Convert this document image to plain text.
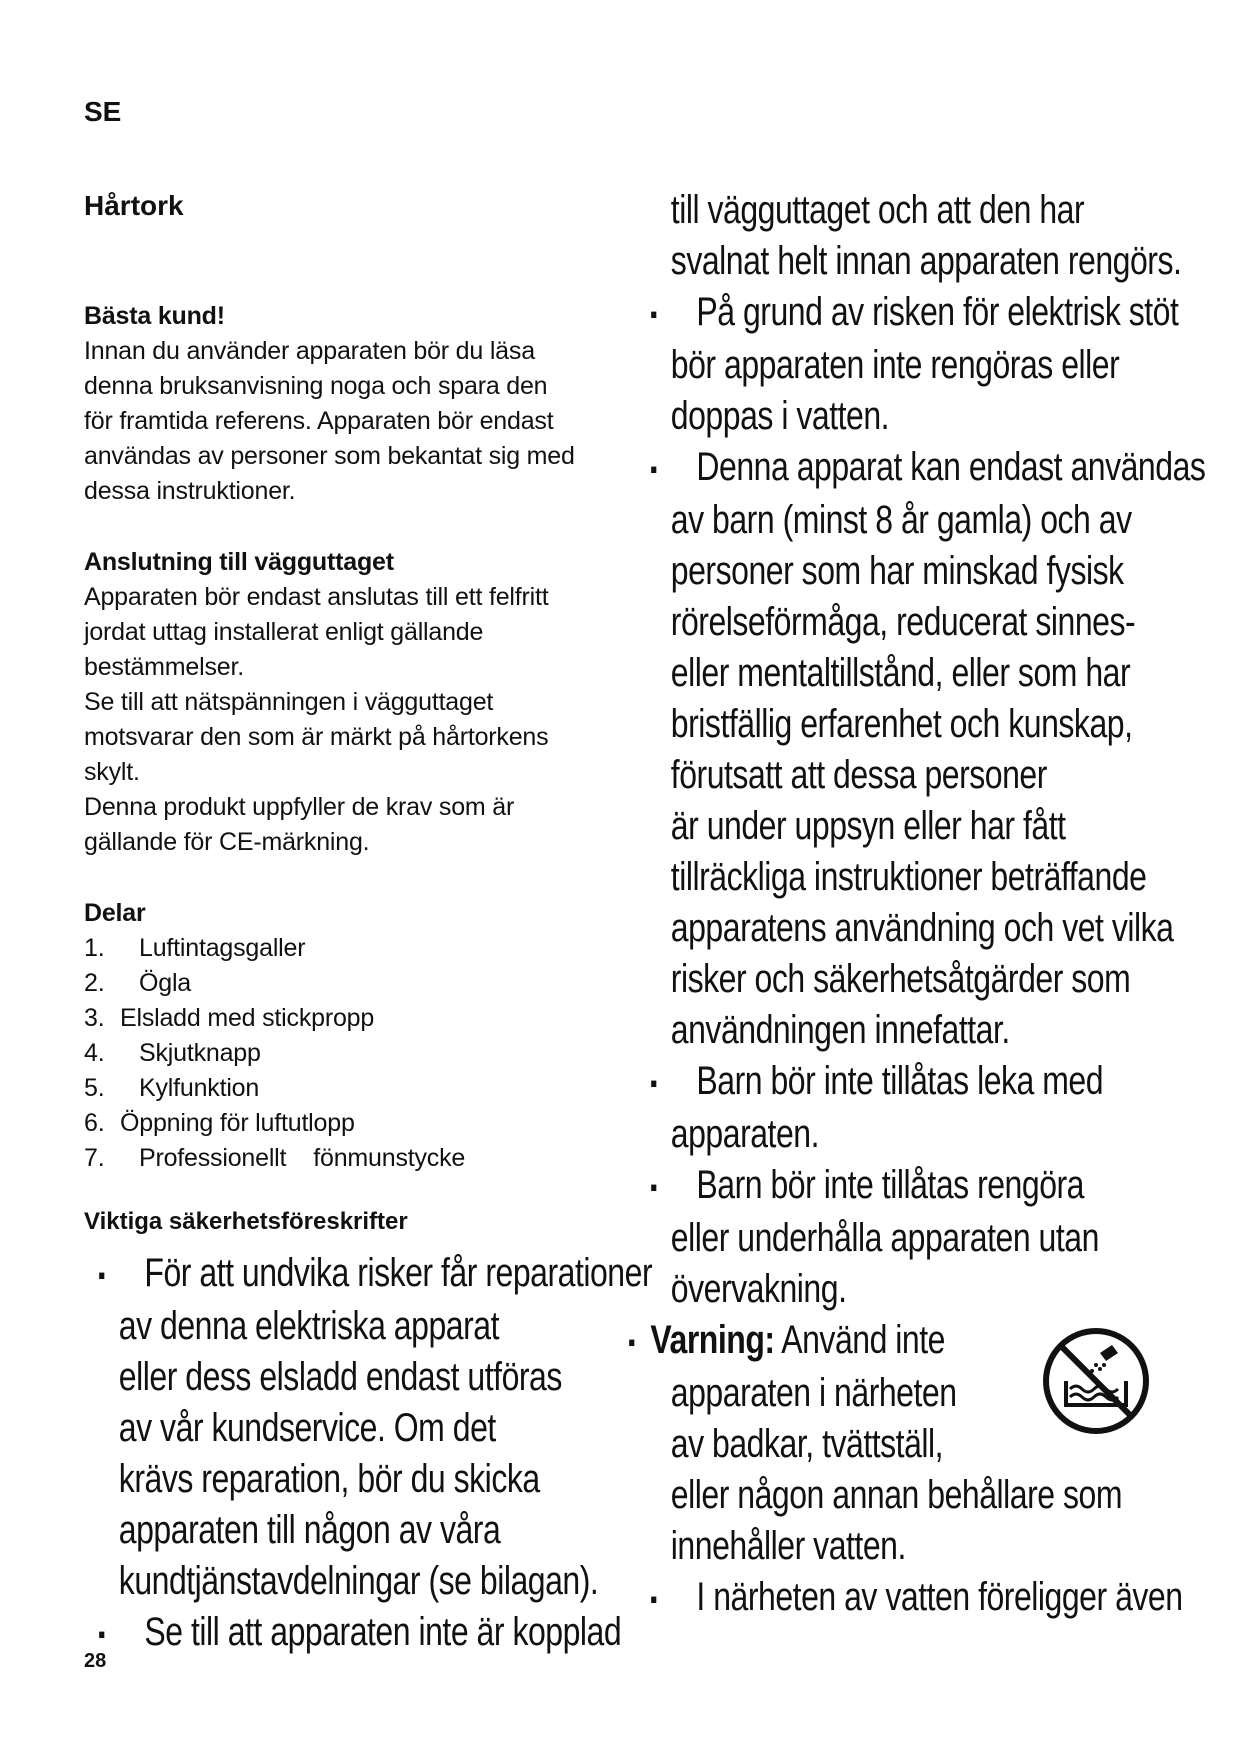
SE
Hårtork
Bästa kund!
Innan du använder apparaten bör du läsa
denna bruksanvisning noga och spara den
för framtida referens. Apparaten bör endast
användas av personer som bekantat sig med
dessa instruktioner.
Anslutning till vägguttaget
Apparaten bör endast anslutas till ett felfritt
jordat uttag installerat enligt gällande
bestämmelser.
Se till att nätspänningen i vägguttaget
motsvarar den som är märkt på hårtorkens
skylt.
Denna produkt uppfyller de krav som är
gällande för CE-märkning.
Delar
1.	Luftintagsgaller
2.	Ögla
3. Elsladd med stickpropp
4.	Skjutknapp
5.	Kylfunktion
6. Öppning för luftutlopp
7.	Professionellt    fönmunstycke
Viktiga säkerhetsföreskrifter
▪ För att undvika risker får reparationer
av denna elektriska apparat
eller dess elsladd endast utföras
av vår kundservice. Om det
krävs reparation, bör du skicka
apparaten till någon av våra
kundtjänstavdelningar (se bilagan).
▪ Se till att apparaten inte är kopplad
till vägguttaget och att den har
svalnat helt innan apparaten rengörs.
▪ På grund av risken för elektrisk stöt
bör apparaten inte rengöras eller
doppas i vatten.
▪ Denna apparat kan endast användas
av barn (minst 8 år gamla) och av
personer som har minskad fysisk
rörelseförmåga, reducerat sinnes-
eller mentaltillstånd, eller som har
bristfällig erfarenhet och kunskap,
förutsatt att dessa personer
är under uppsyn eller har fått
tillräckliga instruktioner beträffande
apparatens användning och vet vilka
risker och säkerhetsåtgärder som
användningen innefattar.
▪ Barn bör inte tillåtas leka med
apparaten.
▪ Barn bör inte tillåtas rengöra
eller underhålla apparaten utan
övervakning.
▪ Varning: Använd inte
apparaten i närheten
av badkar, tvättställ,
eller någon annan behållare som
innehåller vatten.
▪ I närheten av vatten föreligger även
28
